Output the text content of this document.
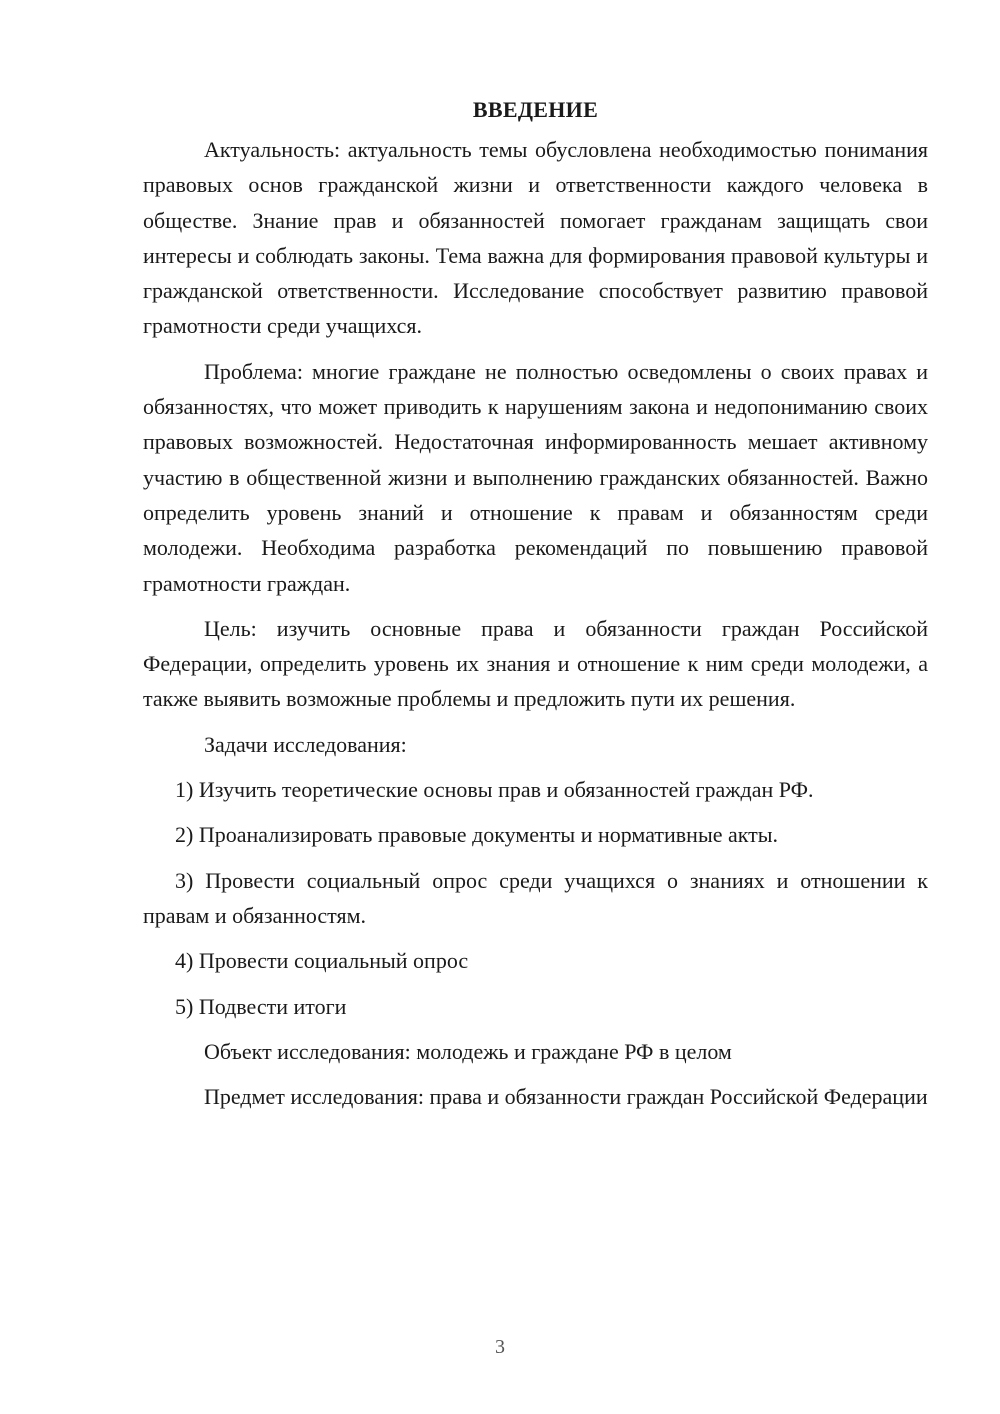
ВВЕДЕНИЕ

Актуальность: актуальность темы обусловлена необходимостью понимания правовых основ гражданской жизни и ответственности каждого человека в обществе. Знание прав и обязанностей помогает гражданам защищать свои интересы и соблюдать законы. Тема важна для формирования правовой культуры и гражданской ответственности. Исследование способствует развитию правовой грамотности среди учащихся.

Проблема: многие граждане не полностью осведомлены о своих правах и обязанностях, что может приводить к нарушениям закона и недопониманию своих правовых возможностей. Недостаточная информированность мешает активному участию в общественной жизни и выполнению гражданских обязанностей. Важно определить уровень знаний и отношение к правам и обязанностям среди молодежи. Необходима разработка рекомендаций по повышению правовой грамотности граждан.

Цель: изучить основные права и обязанности граждан Российской Федерации, определить уровень их знания и отношение к ним среди молодежи, а также выявить возможные проблемы и предложить пути их решения.

Задачи исследования:

1) Изучить теоретические основы прав и обязанностей граждан РФ.

2) Проанализировать правовые документы и нормативные акты.

3) Провести социальный опрос среди учащихся о знаниях и отношении к правам и обязанностям.

4) Провести социальный опрос

5) Подвести итоги

Объект исследования: молодежь и граждане РФ в целом

Предмет исследования: права и обязанности граждан Российской Федерации

3
